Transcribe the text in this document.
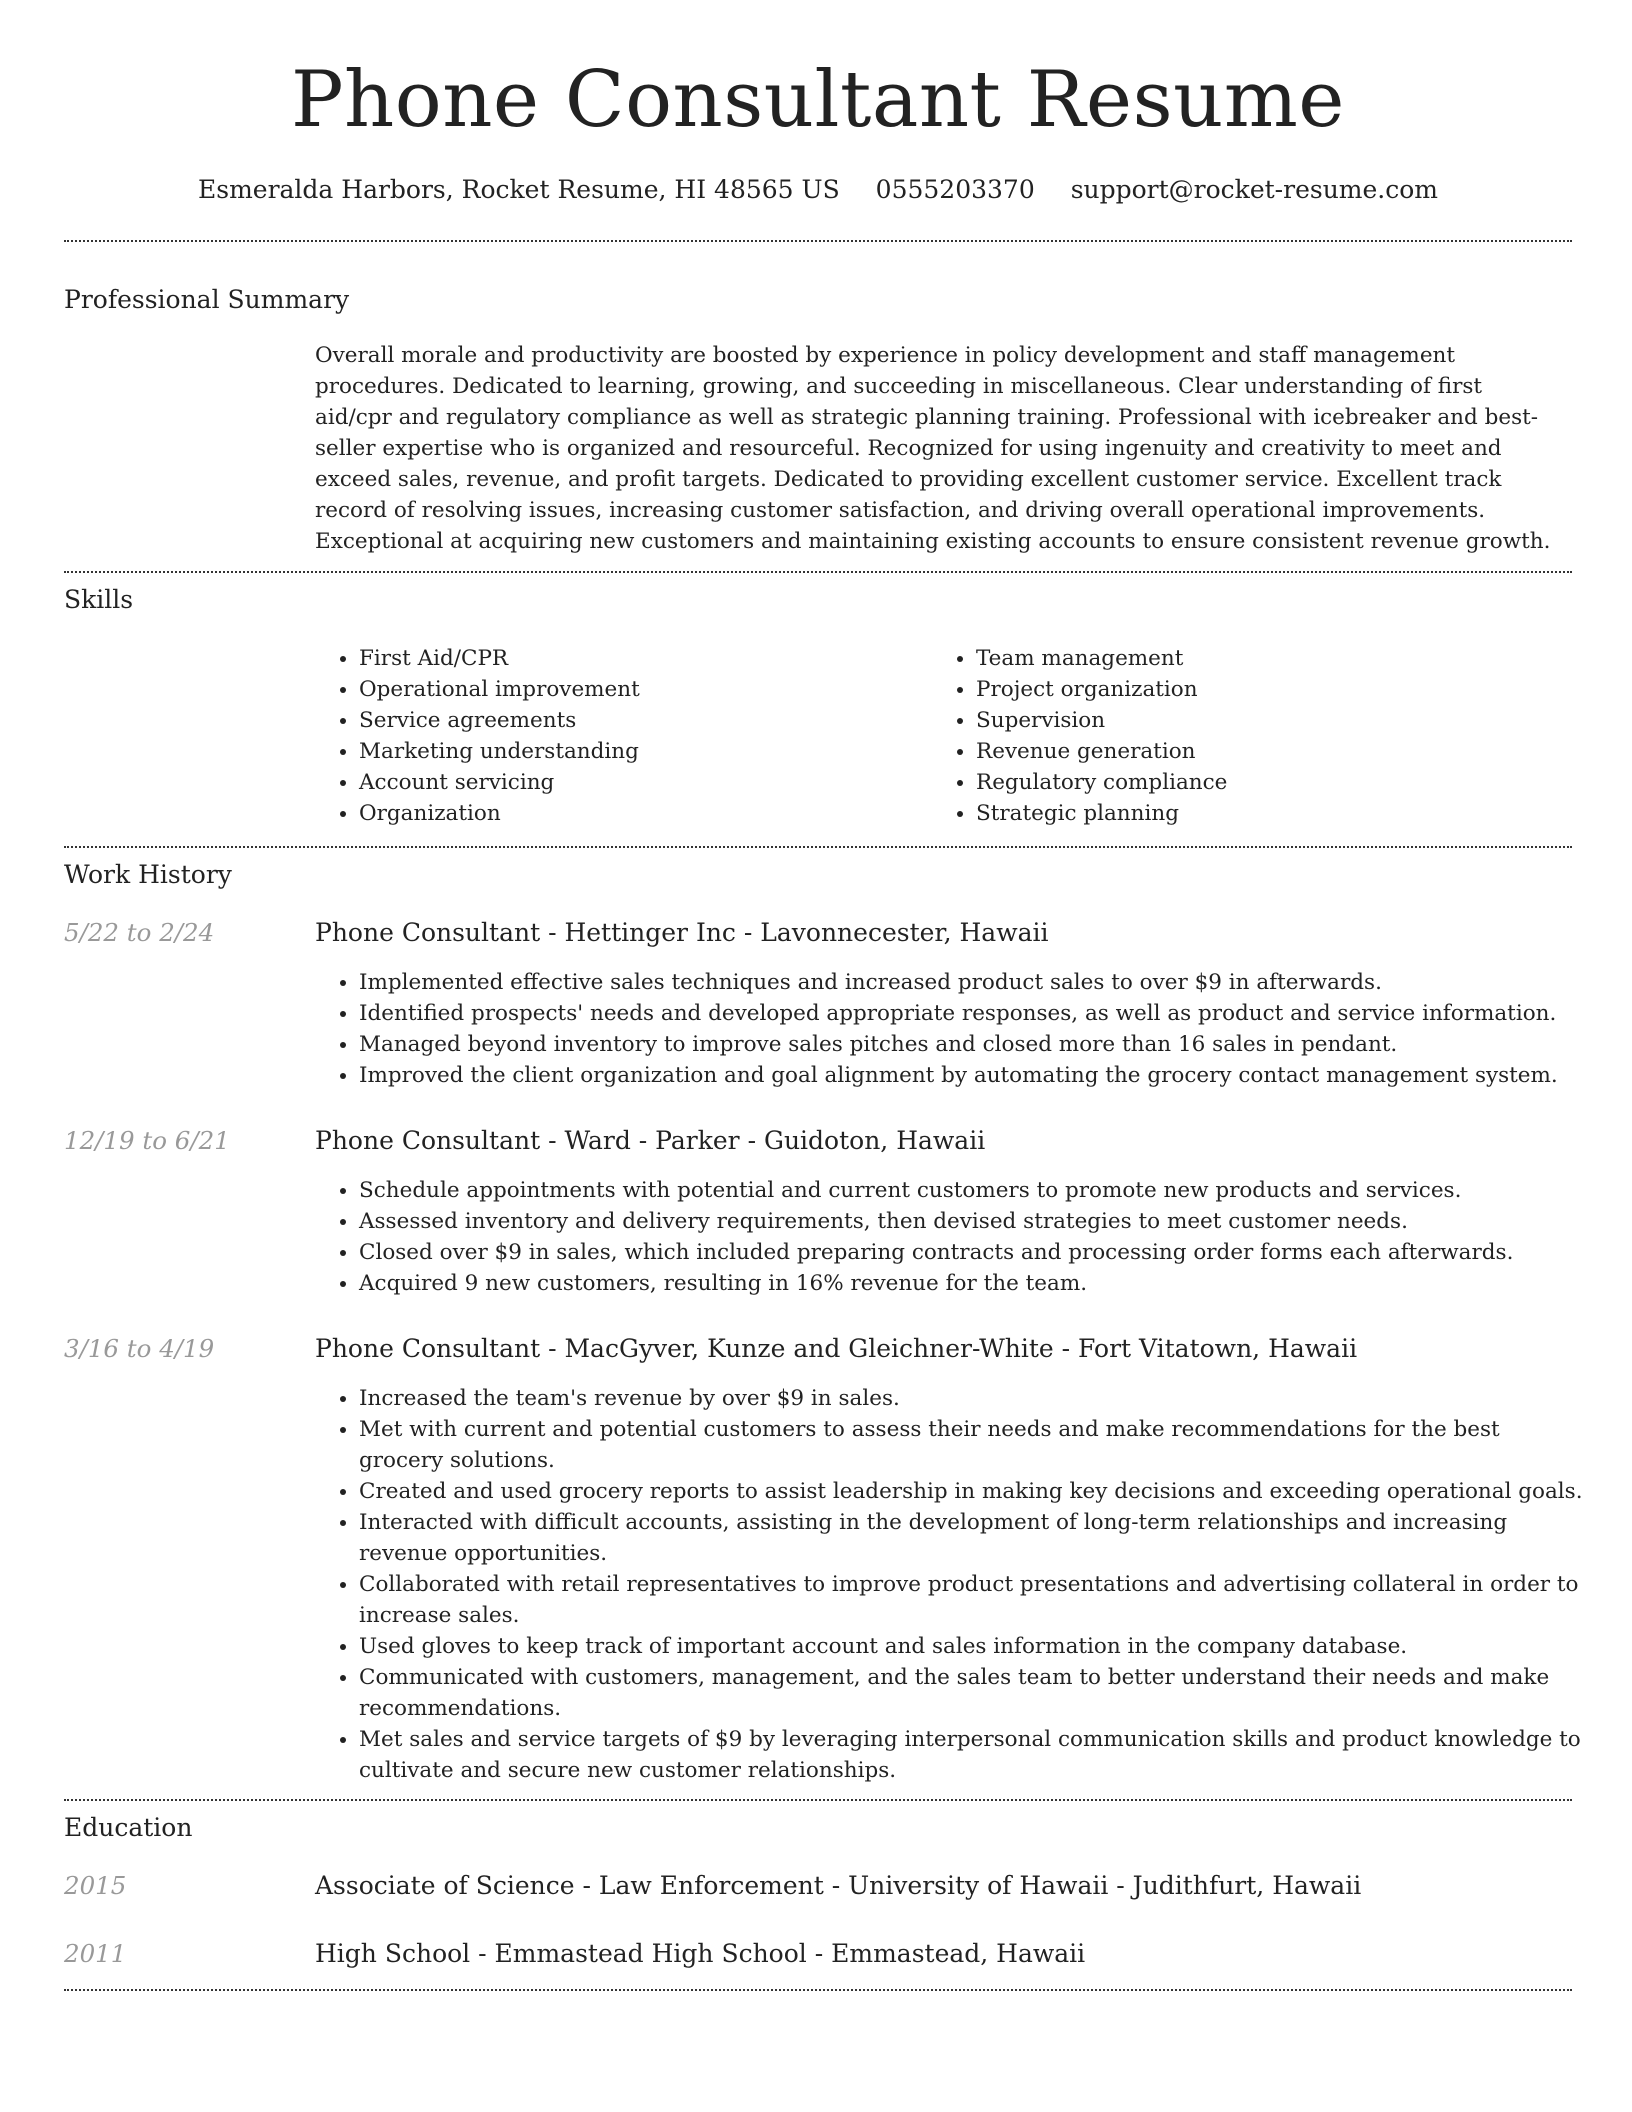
Phone Consultant Resume
Esmeralda Harbors, Rocket Resume, HI 48565 US 0555203370 support@rocket-resume.com
Professional Summary

Overall morale and productivity are boosted by experience in policy development and staff management procedures. Dedicated to learning, growing, and succeeding in miscellaneous. Clear understanding of first aid/cpr and regulatory compliance as well as strategic planning training. Professional with icebreaker and best-seller expertise who is organized and resourceful. Recognized for using ingenuity and creativity to meet and exceed sales, revenue, and profit targets. Dedicated to providing excellent customer service. Excellent track record of resolving issues, increasing customer satisfaction, and driving overall operational improvements. Exceptional at acquiring new customers and maintaining existing accounts to ensure consistent revenue growth.

Skills
• First Aid/CPR
• Operational improvement
• Service agreements
• Marketing understanding
• Account servicing
• Organization
• Team management
• Project organization
• Supervision
• Revenue generation
• Regulatory compliance
• Strategic planning
Work History
5/22 to 2/24	Phone Consultant - Hettinger Inc - Lavonnecester, Hawaii
• Implemented effective sales techniques and increased product sales to over $9 in afterwards.
• Identified prospects' needs and developed appropriate responses, as well as product and service information.
• Managed beyond inventory to improve sales pitches and closed more than 16 sales in pendant.
• Improved the client organization and goal alignment by automating the grocery contact management system.
12/19 to 6/21	Phone Consultant - Ward - Parker - Guidoton, Hawaii
• Schedule appointments with potential and current customers to promote new products and services.
• Assessed inventory and delivery requirements, then devised strategies to meet customer needs.
• Closed over $9 in sales, which included preparing contracts and processing order forms each afterwards.
• Acquired 9 new customers, resulting in 16% revenue for the team.
3/16 to 4/19	Phone Consultant - MacGyver, Kunze and Gleichner-White - Fort Vitatown, Hawaii
• Increased the team's revenue by over $9 in sales.
• Met with current and potential customers to assess their needs and make recommendations for the best grocery solutions.
• Created and used grocery reports to assist leadership in making key decisions and exceeding operational goals.
• Interacted with difficult accounts, assisting in the development of long-term relationships and increasing revenue opportunities.
• Collaborated with retail representatives to improve product presentations and advertising collateral in order to increase sales.
• Used gloves to keep track of important account and sales information in the company database.
• Communicated with customers, management, and the sales team to better understand their needs and make recommendations.
• Met sales and service targets of $9 by leveraging interpersonal communication skills and product knowledge to cultivate and secure new customer relationships.
Education
2015	Associate of Science - Law Enforcement - University of Hawaii - Judithfurt, Hawaii
2011	High School - Emmastead High School - Emmastead, Hawaii
